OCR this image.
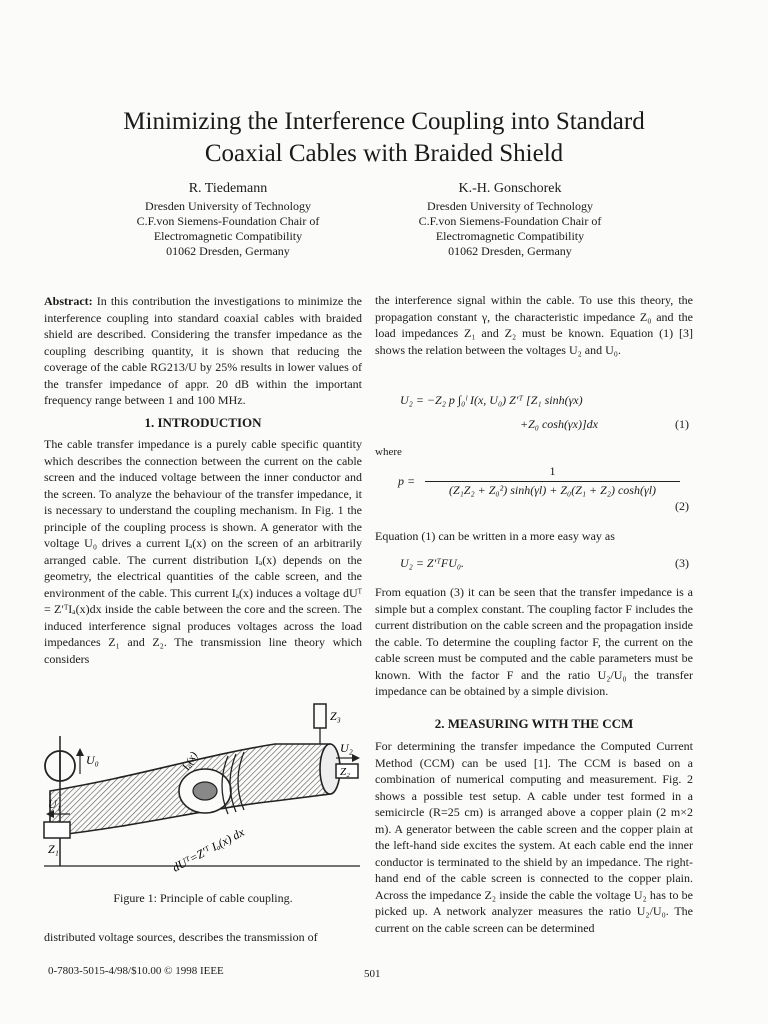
Minimizing the Interference Coupling into Standard
Coaxial Cables with Braided Shield
R. Tiedemann
Dresden University of Technology
C.F.von Siemens-Foundation Chair of
Electromagnetic Compatibility
01062 Dresden, Germany
K.-H. Gonschorek
Dresden University of Technology
C.F.von Siemens-Foundation Chair of
Electromagnetic Compatibility
01062 Dresden, Germany

Abstract: In this contribution the investigations to minimize the interference coupling into standard coaxial cables with braided shield are described. Considering the transfer impedance as the coupling describing quantity, it is shown that reducing the coverage of the cable RG213/U by 25% results in lower values of the transfer impedance of appr. 20 dB within the important frequency range between 1 and 100 MHz.

1. INTRODUCTION

The cable transfer impedance is a purely cable specific quantity which describes the connection between the current on the cable screen and the induced voltage between the inner conductor and the screen. To analyze the behaviour of the transfer impedance, it is necessary to understand the coupling mechanism. In Fig. 1 the principle of the coupling process is shown. A generator with the voltage U₀ drives a current Iₐ(x) on the screen of an arbitrarily arranged cable. The current distribution Iₐ(x) depends on the geometry, the electrical quantities of the cable screen, and the environment of the cable. This current Iₐ(x) induces a voltage dUᵀ = Z′ᵀIₐ(x)dx inside the cable between the core and the screen. The induced interference signal produces voltages across the load impedances Z₁ and Z₂. The transmission line theory which considers

U₀	Iₐ(x)
Z₃
Z₂
U₂
Z₁
U₁
dUᵀ=Z′ᵀ Iₐ(x) dx
Figure 1: Principle of cable coupling.
distributed voltage sources, describes the transmission of
the interference signal within the cable. To use this theory, the propagation constant γ, the characteristic impedance Z₀ and the load impedances Z₁ and Z₂ must be known. Equation (1) [3] shows the relation between the voltages U₂ and U₀.
U₂ = −Z₂ p ∫₀ˡ I(x, U₀) Z′ᵀ [Z₁ sinh(γx)
+Z₀ cosh(γx)]dx	(1)
where
p =
1
(Z₁Z₂ + Z₀²) sinh(γl) + Z₀(Z₁ + Z₂) cosh(γl)
(2)
Equation (1) can be written in a more easy way as
U₂ = Z′ᵀFU₀.	(3)
From equation (3) it can be seen that the transfer impedance is a simple but a complex constant. The coupling factor F includes the current distribution on the cable screen and the propagation inside the cable. To determine the coupling factor F, the current on the cable screen must be computed and the cable parameters must be known. With the factor F and the ratio U₂/U₀ the transfer impedance can be obtained by a simple division.
2. MEASURING WITH THE CCM
For determining the transfer impedance the Computed Current Method (CCM) can be used [1]. The CCM is based on a combination of numerical computing and measurement. Fig. 2 shows a possible test setup. A cable under test formed in a semicircle (R=25 cm) is arranged above a copper plain (2 m×2 m). A generator between the cable screen and the copper plain at the left-hand side excites the system. At each cable end the inner conductor is terminated to the shield by an impedance. The right-hand end of the cable screen is connected to the copper plain. Across the impedance Z₂ inside the cable the voltage U₂ has to be picked up. A network analyzer measures the ratio U₂/U₀. The current on the cable screen can be determined
0-7803-5015-4/98/$10.00 © 1998 IEEE	501
